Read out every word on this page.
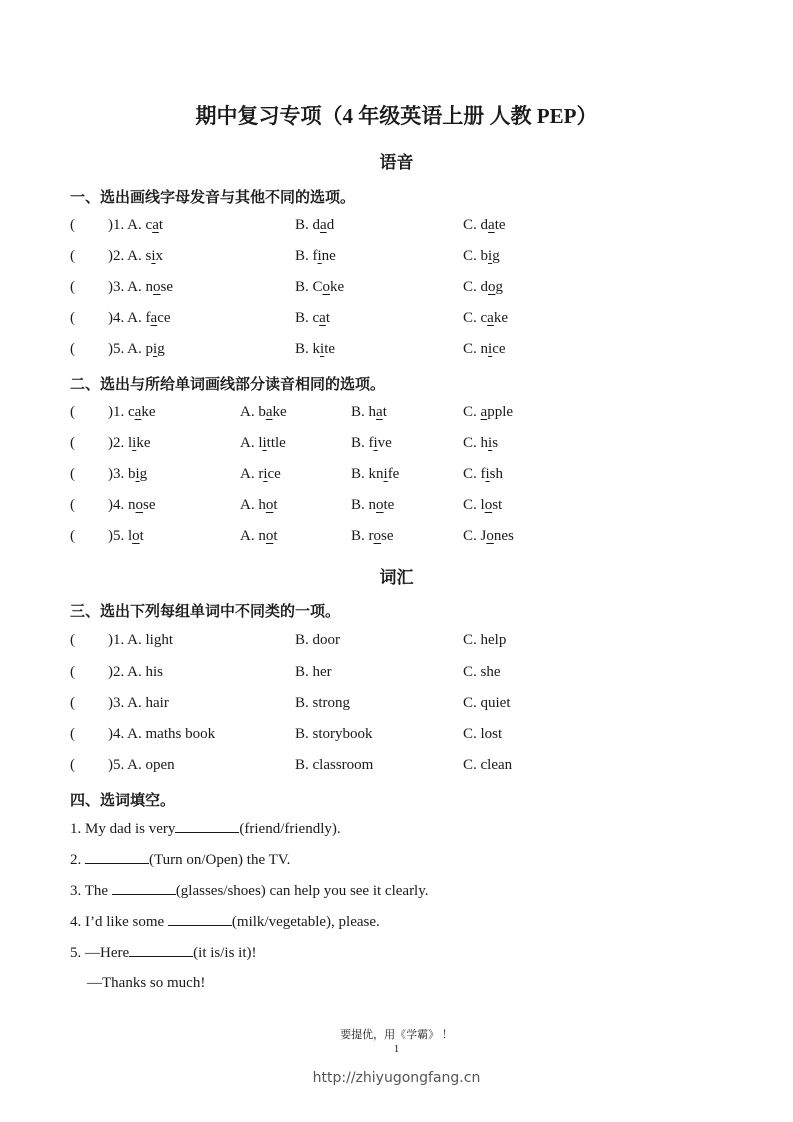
期中复习专项（4 年级英语上册 人教 PEP）
语音
一、选出画线字母发音与其他不同的选项。
( ) 1. A. cat	B. dad	C. date
( ) 2. A. six	B. fine	C. big
( ) 3. A. nose	B. Coke	C. dog
( ) 4. A. face	B. cat	C. cake
( ) 5. A. pig	B. kite	C. nice
二、选出与所给单词画线部分读音相同的选项。
( ) 1. cake	A. bake	B. hat	C. apple
( ) 2. like	A. little	B. five	C. his
( ) 3. big	A. rice	B. knife	C. fish
( ) 4. nose	A. hot	B. note	C. lost
( ) 5. lot	A. not	B. rose	C. Jones
词汇
三、选出下列每组单词中不同类的一项。
( ) 1. A. light	B. door	C. help
( ) 2. A. his	B. her	C. she
( ) 3. A. hair	B. strong	C. quiet
( ) 4. A. maths book	B. storybook	C. lost
( ) 5. A. open	B. classroom	C. clean
四、选词填空。
1. My dad is very	(friend/friendly).
2.	(Turn on/Open) the TV.
3. The	(glasses/shoes) can help you see it clearly.
4. I’d like some	(milk/vegetable), please.
5. —Here	(it is/is it)!
—Thanks so much!
要提优，用《学霸》 ！
1
http://zhiyugongfang.cn
